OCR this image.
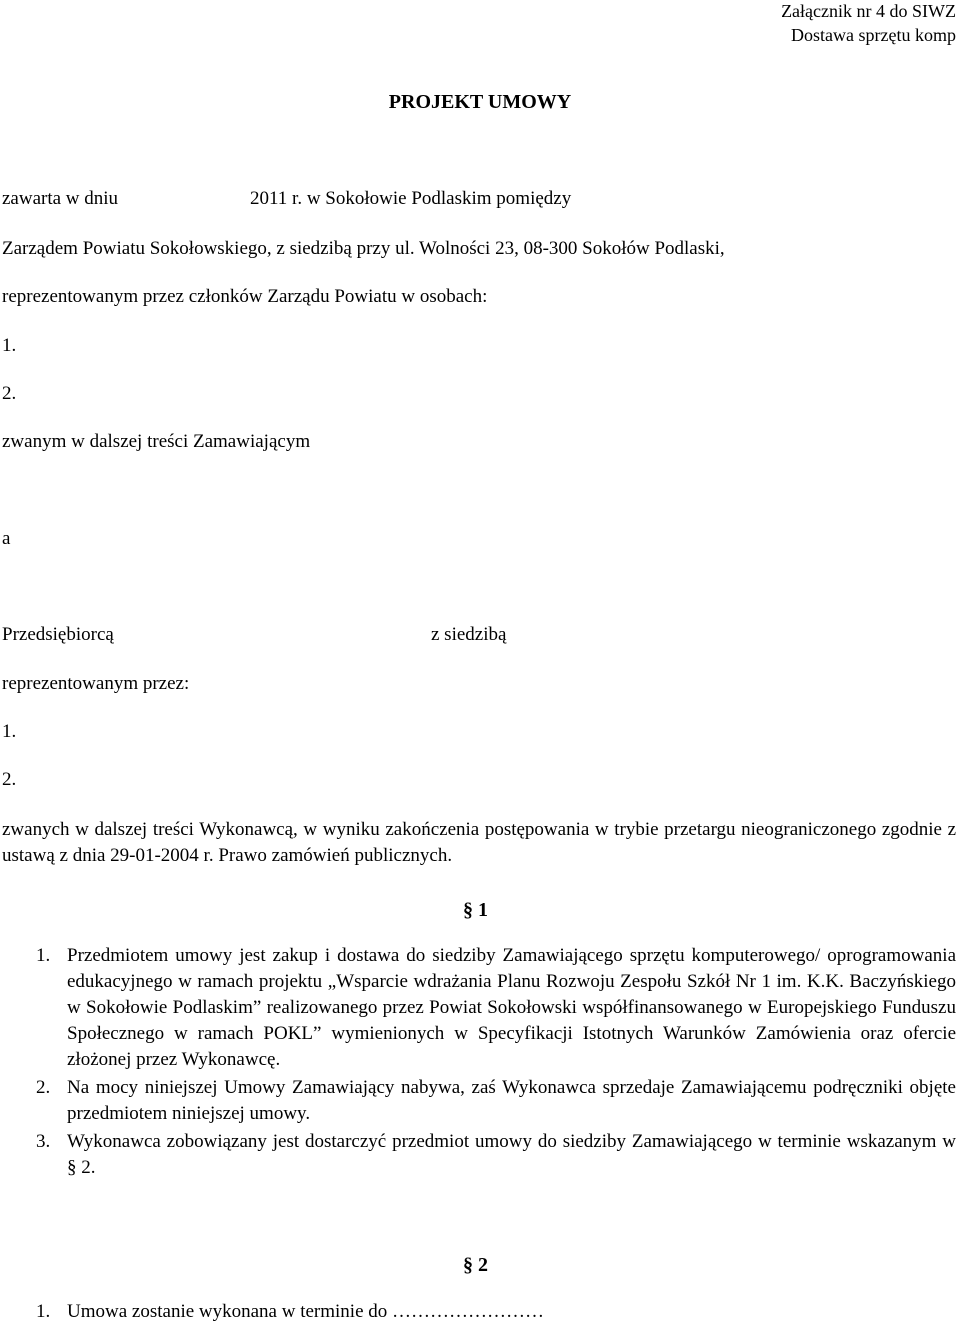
Załącznik nr 4 do SIWZ
Dostawa sprzętu komp
PROJEKT UMOWY
zawarta w dniu	2011 r. w Sokołowie Podlaskim pomiędzy
Zarządem Powiatu Sokołowskiego, z siedzibą przy ul. Wolności 23, 08-300 Sokołów Podlaski,
reprezentowanym przez członków Zarządu Powiatu w osobach:
1.
2.
zwanym w dalszej treści Zamawiającym
a
Przedsiębiorcą	z siedzibą
reprezentowanym przez:
1.
2.
zwanych w dalszej treści Wykonawcą, w wyniku zakończenia postępowania w trybie przetargu nieograniczonego zgodnie z ustawą z dnia 29-01-2004 r. Prawo zamówień publicznych.
§ 1
1. Przedmiotem umowy jest zakup i dostawa do siedziby Zamawiającego sprzętu komputerowego/ oprogramowania edukacyjnego w ramach projektu „Wsparcie wdrażania Planu Rozwoju Zespołu Szkół Nr 1 im. K.K. Baczyńskiego w Sokołowie Podlaskim” realizowanego przez Powiat Sokołowski współfinansowanego w Europejskiego Funduszu Społecznego w ramach POKL” wymienionych w Specyfikacji Istotnych Warunków Zamówienia oraz ofercie złożonej przez Wykonawcę.
2. Na mocy niniejszej Umowy Zamawiający nabywa, zaś Wykonawca sprzedaje Zamawiającemu podręczniki objęte przedmiotem niniejszej umowy.
3. Wykonawca zobowiązany jest dostarczyć przedmiot umowy do siedziby Zamawiającego w terminie wskazanym w § 2.
§ 2
1. Umowa zostanie wykonana w terminie do ……………………
